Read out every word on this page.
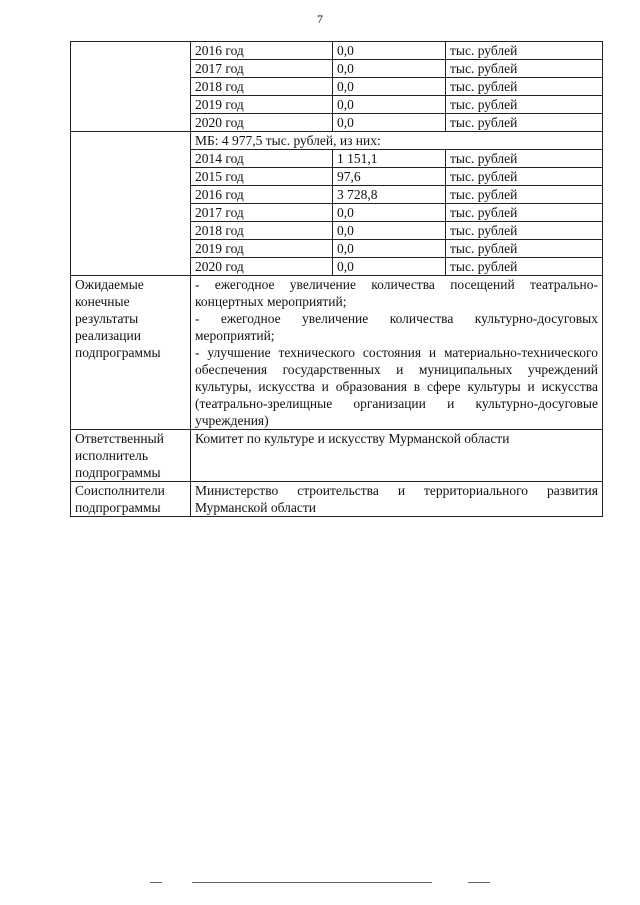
7
	2016 год	0,0	тыс. рублей
	2017 год	0,0	тыс. рублей
	2018 год	0,0	тыс. рублей
	2019 год	0,0	тыс. рублей
	2020 год	0,0	тыс. рублей
	МБ: 4 977,5 тыс. рублей, из них:		
	2014 год	1 151,1	тыс. рублей
	2015 год	97,6	тыс. рублей
	2016 год	3 728,8	тыс. рублей
	2017 год	0,0	тыс. рублей
	2018 год	0,0	тыс. рублей
	2019 год	0,0	тыс. рублей
	2020 год	0,0	тыс. рублей
Ожидаемые конечные результаты реализации подпрограммы	- ежегодное увеличение количества посещений театрально-концертных мероприятий;

- ежегодное увеличение количества культурно-досуговых мероприятий;

- улучшение технического состояния и материально-технического обеспечения государственных и муниципальных учреждений культуры, искусства и образования в сфере культуры и искусства (театрально-зрелищные организации и культурно-досуговые учреждения)		

Ответственный исполнитель подпрограммы	Комитет по культуре и искусству Мурманской области		
Соисполнители подпрограммы	Министерство строительства и территориального развития Мурманской области		
